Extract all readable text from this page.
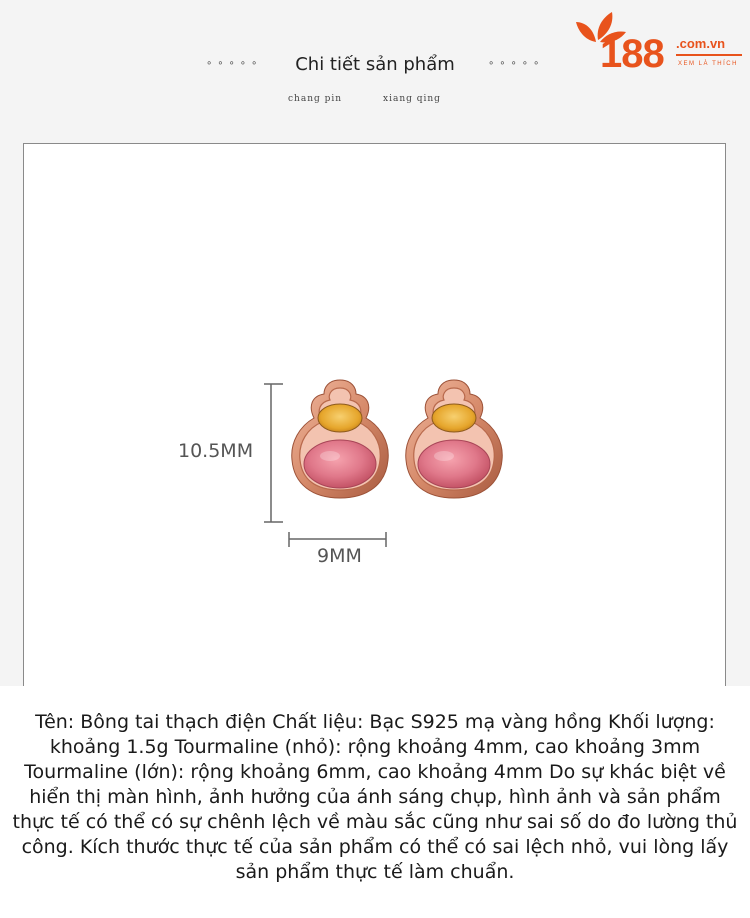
∘∘∘∘∘	Chi tiết sản phẩm	∘∘∘∘∘
chang pin	xiang qing
188 .com.vn
XEM LÀ THÍCH
10.5MM
9MM

Tên: Bông tai thạch điện Chất liệu: Bạc S925 mạ vàng hồng Khối lượng: khoảng 1.5g Tourmaline (nhỏ): rộng khoảng 4mm, cao khoảng 3mm Tourmaline (lớn): rộng khoảng 6mm, cao khoảng 4mm Do sự khác biệt về hiển thị màn hình, ảnh hưởng của ánh sáng chụp, hình ảnh và sản phẩm thực tế có thể có sự chênh lệch về màu sắc cũng như sai số do đo lường thủ công. Kích thước thực tế của sản phẩm có thể có sai lệch nhỏ, vui lòng lấy sản phẩm thực tế làm chuẩn.
